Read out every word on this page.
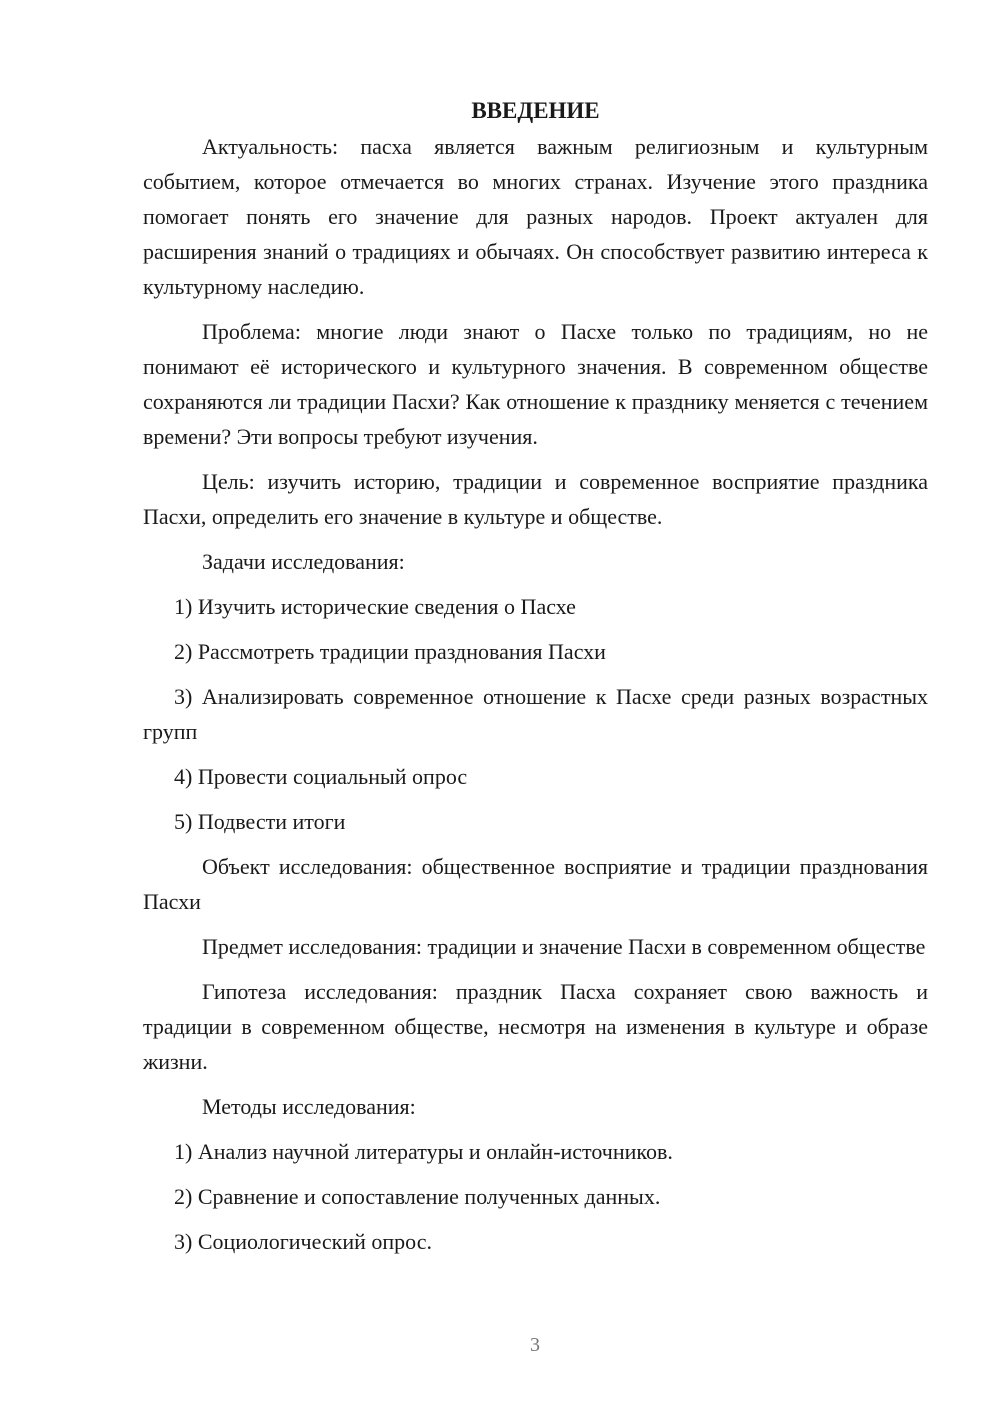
ВВЕДЕНИЕ

Актуальность: пасха является важным религиозным и культурным событием, которое отмечается во многих странах. Изучение этого праздника помогает понять его значение для разных народов. Проект актуален для расширения знаний о традициях и обычаях. Он способствует развитию интереса к культурному наследию.

Проблема: многие люди знают о Пасхе только по традициям, но не понимают её исторического и культурного значения. В современном обществе сохраняются ли традиции Пасхи? Как отношение к празднику меняется с течением времени? Эти вопросы требуют изучения.

Цель: изучить историю, традиции и современное восприятие праздника Пасхи, определить его значение в культуре и обществе.

Задачи исследования:

1) Изучить исторические сведения о Пасхе

2) Рассмотреть традиции празднования Пасхи

3) Анализировать современное отношение к Пасхе среди разных возрастных групп

4) Провести социальный опрос

5) Подвести итоги

Объект исследования: общественное восприятие и традиции празднования Пасхи

Предмет исследования: традиции и значение Пасхи в современном обществе

Гипотеза исследования: праздник Пасха сохраняет свою важность и традиции в современном обществе, несмотря на изменения в культуре и образе жизни.

Методы исследования:

1) Анализ научной литературы и онлайн-источников.

2) Сравнение и сопоставление полученных данных.

3) Социологический опрос.

3
